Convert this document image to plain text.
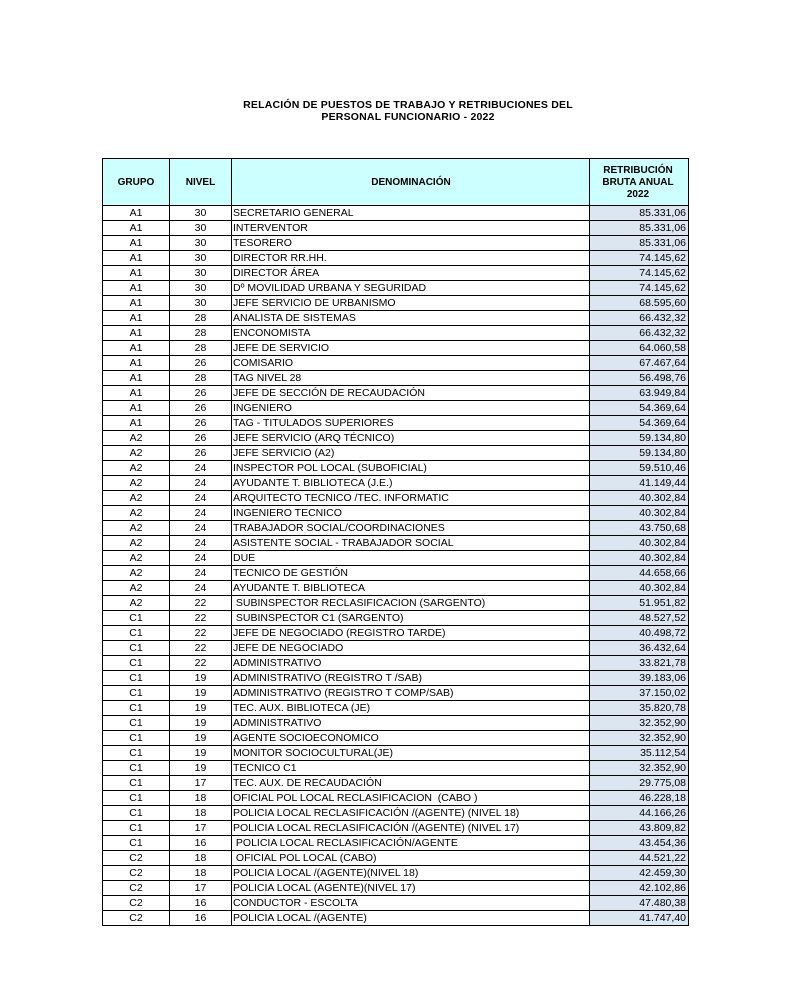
RELACIÓN DE PUESTOS DE TRABAJO Y RETRIBUCIONES DEL
PERSONAL FUNCIONARIO - 2022
GRUPO	NIVEL	DENOMINACIÓN	RETRIBUCIÓN
BRUTA ANUAL
2022

A1	30	SECRETARIO GENERAL	85.331,06
A1	30	INTERVENTOR	85.331,06
A1	30	TESORERO	85.331,06
A1	30	DIRECTOR RR.HH.	74.145,62
A1	30	DIRECTOR ÁREA	74.145,62
A1	30	Dº MOVILIDAD URBANA Y SEGURIDAD	74.145,62
A1	30	JEFE SERVICIO DE URBANISMO	68.595,60
A1	28	ANALISTA DE SISTEMAS	66.432,32
A1	28	ENCONOMISTA	66.432,32
A1	28	JEFE DE SERVICIO	64.060,58
A1	26	COMISARIO	67.467,64
A1	28	TAG NIVEL 28	56.498,76
A1	26	JEFE DE SECCIÓN DE RECAUDACIÓN	63.949,84
A1	26	INGENIERO	54.369,64
A1	26	TAG - TITULADOS SUPERIORES	54.369,64
A2	26	JEFE SERVICIO (ARQ TÉCNICO)	59.134,80
A2	26	JEFE SERVICIO (A2)	59.134,80
A2	24	INSPECTOR POL LOCAL (SUBOFICIAL)	59.510,46
A2	24	AYUDANTE T. BIBLIOTECA (J.E.)	41.149,44
A2	24	ARQUITECTO TECNICO /TEC. INFORMATIC	40.302,84
A2	24	INGENIERO TECNICO	40.302,84
A2	24	TRABAJADOR SOCIAL/COORDINACIONES	43.750,68
A2	24	ASISTENTE SOCIAL - TRABAJADOR SOCIAL	40.302,84
A2	24	DUE	40.302,84
A2	24	TECNICO DE GESTIÓN	44.658,66
A2	24	AYUDANTE T. BIBLIOTECA	40.302,84
A2	22	SUBINSPECTOR RECLASIFICACION (SARGENTO)	51.951,82
C1	22	SUBINSPECTOR C1 (SARGENTO)	48.527,52
C1	22	JEFE DE NEGOCIADO (REGISTRO TARDE)	40.498,72
C1	22	JEFE DE NEGOCIADO	36.432,64
C1	22	ADMINISTRATIVO	33.821,78
C1	19	ADMINISTRATIVO (REGISTRO T /SAB)	39.183,06
C1	19	ADMINISTRATIVO (REGISTRO T COMP/SAB)	37.150,02
C1	19	TEC. AUX. BIBLIOTECA (JE)	35.820,78
C1	19	ADMINISTRATIVO	32.352,90
C1	19	AGENTE SOCIOECONOMICO	32.352,90
C1	19	MONITOR SOCIOCULTURAL(JE)	35.112,54
C1	19	TECNICO C1	32.352,90
C1	17	TEC. AUX. DE RECAUDACIÓN	29.775,08
C1	18	OFICIAL POL LOCAL RECLASIFICACION  (CABO )	46.228,18
C1	18	POLICIA LOCAL RECLASIFICACIÓN /(AGENTE) (NIVEL 18)	44.166,26
C1	17	POLICIA LOCAL RECLASIFICACIÓN /(AGENTE) (NIVEL 17)	43.809,82
C1	16	POLICIA LOCAL RECLASIFICACIÓN/AGENTE	43.454,36
C2	18	OFICIAL POL LOCAL (CABO)	44.521,22
C2	18	POLICIA LOCAL /(AGENTE)(NIVEL 18)	42.459,30
C2	17	POLICIA LOCAL (AGENTE)(NIVEL 17)	42.102,86
C2	16	CONDUCTOR - ESCOLTA	47.480,38
C2	16	POLICIA LOCAL /(AGENTE)	41.747,40
